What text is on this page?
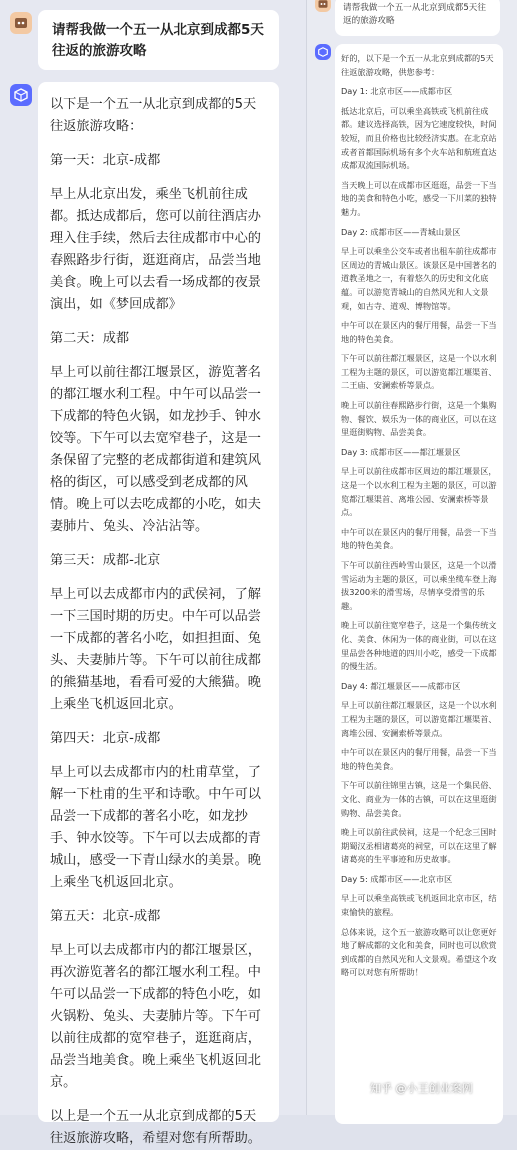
请帮我做一个五一从北京到成都5天往返的旅游攻略

以下是一个五一从北京到成都的5天往返旅游攻略：

第一天：北京-成都

早上从北京出发，乘坐飞机前往成都。抵达成都后，您可以前往酒店办理入住手续，然后去往成都市中心的春熙路步行街，逛逛商店，品尝当地美食。晚上可以去看一场成都的夜景演出，如《梦回成都》

第二天：成都

早上可以前往都江堰景区，游览著名的都江堰水利工程。中午可以品尝一下成都的特色火锅，如龙抄手、钟水饺等。下午可以去宽窄巷子，这是一条保留了完整的老成都街道和建筑风格的街区，可以感受到老成都的风情。晚上可以去吃成都的小吃，如夫妻肺片、兔头、冷沾沾等。

第三天：成都-北京

早上可以去成都市内的武侯祠，了解一下三国时期的历史。中午可以品尝一下成都的著名小吃，如担担面、兔头、夫妻肺片等。下午可以前往成都的熊猫基地，看看可爱的大熊猫。晚上乘坐飞机返回北京。

第四天：北京-成都

早上可以去成都市内的杜甫草堂，了解一下杜甫的生平和诗歌。中午可以品尝一下成都的著名小吃，如龙抄手、钟水饺等。下午可以去成都的青城山，感受一下青山绿水的美景。晚上乘坐飞机返回北京。

第五天：北京-成都

早上可以去成都市内的都江堰景区，再次游览著名的都江堰水利工程。中午可以品尝一下成都的特色小吃，如火锅粉、兔头、夫妻肺片等。下午可以前往成都的宽窄巷子，逛逛商店，品尝当地美食。晚上乘坐飞机返回北京。

以上是一个五一从北京到成都的5天往返旅游攻略，希望对您有所帮助。

请帮我做一个五一从北京到成都5天往返的旅游攻略

好的，以下是一个五一从北京到成都的5天往返旅游攻略，供您参考：

Day 1: 北京市区——成都市区

抵达北京后，可以乘坐高铁或飞机前往成都。建议选择高铁，因为它速度较快，时间较短，而且价格也比较经济实惠。在北京站或者首都国际机场有多个火车站和航班直达成都双流国际机场。

当天晚上可以在成都市区逛逛，品尝一下当地的美食和特色小吃，感受一下川菜的独特魅力。

Day 2: 成都市区——青城山景区

早上可以乘坐公交车或者出租车前往成都市区周边的青城山景区。该景区是中国著名的道教圣地之一，有着悠久的历史和文化底蕴。可以游览青城山的自然风光和人文景观，如古寺、道观、博物馆等。

中午可以在景区内的餐厅用餐，品尝一下当地的特色美食。

下午可以前往都江堰景区，这是一个以水利工程为主题的景区，可以游览都江堰渠首、二王庙、安澜索桥等景点。

晚上可以前往春熙路步行街，这是一个集购物、餐饮、娱乐为一体的商业区，可以在这里逛街购物、品尝美食。

Day 3: 成都市区——都江堰景区

早上可以前往成都市区周边的都江堰景区，这是一个以水利工程为主题的景区，可以游览都江堰渠首、离堆公园、安澜索桥等景点。

中午可以在景区内的餐厅用餐，品尝一下当地的特色美食。

下午可以前往西岭雪山景区，这是一个以滑雪运动为主题的景区，可以乘坐缆车登上海拔3200米的滑雪场，尽情享受滑雪的乐趣。

晚上可以前往宽窄巷子，这是一个集传统文化、美食、休闲为一体的商业街，可以在这里品尝各种地道的四川小吃，感受一下成都的慢生活。

Day 4: 都江堰景区——成都市区

早上可以前往都江堰景区，这是一个以水利工程为主题的景区，可以游览都江堰渠首、离堆公园、安澜索桥等景点。

中午可以在景区内的餐厅用餐，品尝一下当地的特色美食。

下午可以前往锦里古镇，这是一个集民俗、文化、商业为一体的古镇，可以在这里逛街购物、品尝美食。

晚上可以前往武侯祠，这是一个纪念三国时期蜀汉丞相诸葛亮的祠堂，可以在这里了解诸葛亮的生平事迹和历史故事。

Day 5: 成都市区——北京市区

早上可以乘坐高铁或飞机返回北京市区，结束愉快的旅程。

总体来说，这个五一旅游攻略可以让您更好地了解成都的文化和美食，同时也可以欣赏到成都的自然风光和人文景观。希望这个攻略可以对您有所帮助！

知乎 @小王创业案例
